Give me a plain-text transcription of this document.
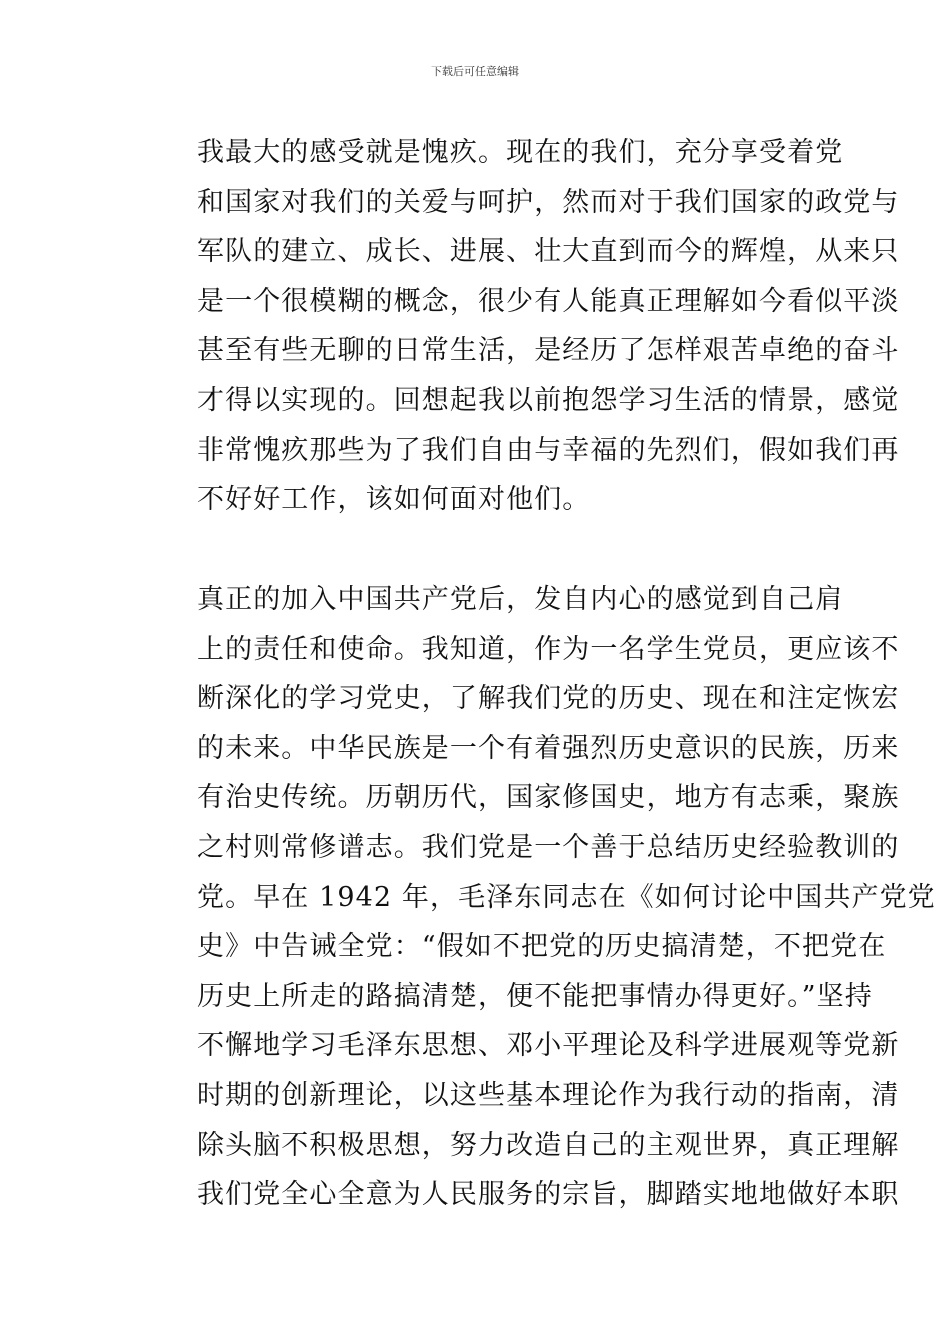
下载后可任意编辑
我最大的感受就是愧疚。现在的我们，充分享受着党
和国家对我们的关爱与呵护，然而对于我们国家的政党与
军队的建立、成长、进展、壮大直到而今的辉煌，从来只
是一个很模糊的概念，很少有人能真正理解如今看似平淡
甚至有些无聊的日常生活，是经历了怎样艰苦卓绝的奋斗
才得以实现的。回想起我以前抱怨学习生活的情景，感觉
非常愧疚那些为了我们自由与幸福的先烈们，假如我们再
不好好工作，该如何面对他们。
真正的加入中国共产党后，发自内心的感觉到自己肩
上的责任和使命。我知道，作为一名学生党员，更应该不
断深化的学习党史，了解我们党的历史、现在和注定恢宏
的未来。中华民族是一个有着强烈历史意识的民族，历来
有治史传统。历朝历代，国家修国史，地方有志乘，聚族
之村则常修谱志。我们党是一个善于总结历史经验教训的
党。早在 1942 年，毛泽东同志在《如何讨论中国共产党党
史》中告诫全党：“假如不把党的历史搞清楚，不把党在
历史上所走的路搞清楚，便不能把事情办得更好。”坚持
不懈地学习毛泽东思想、邓小平理论及科学进展观等党新
时期的创新理论，以这些基本理论作为我行动的指南，清
除头脑不积极思想，努力改造自己的主观世界，真正理解
我们党全心全意为人民服务的宗旨，脚踏实地地做好本职
